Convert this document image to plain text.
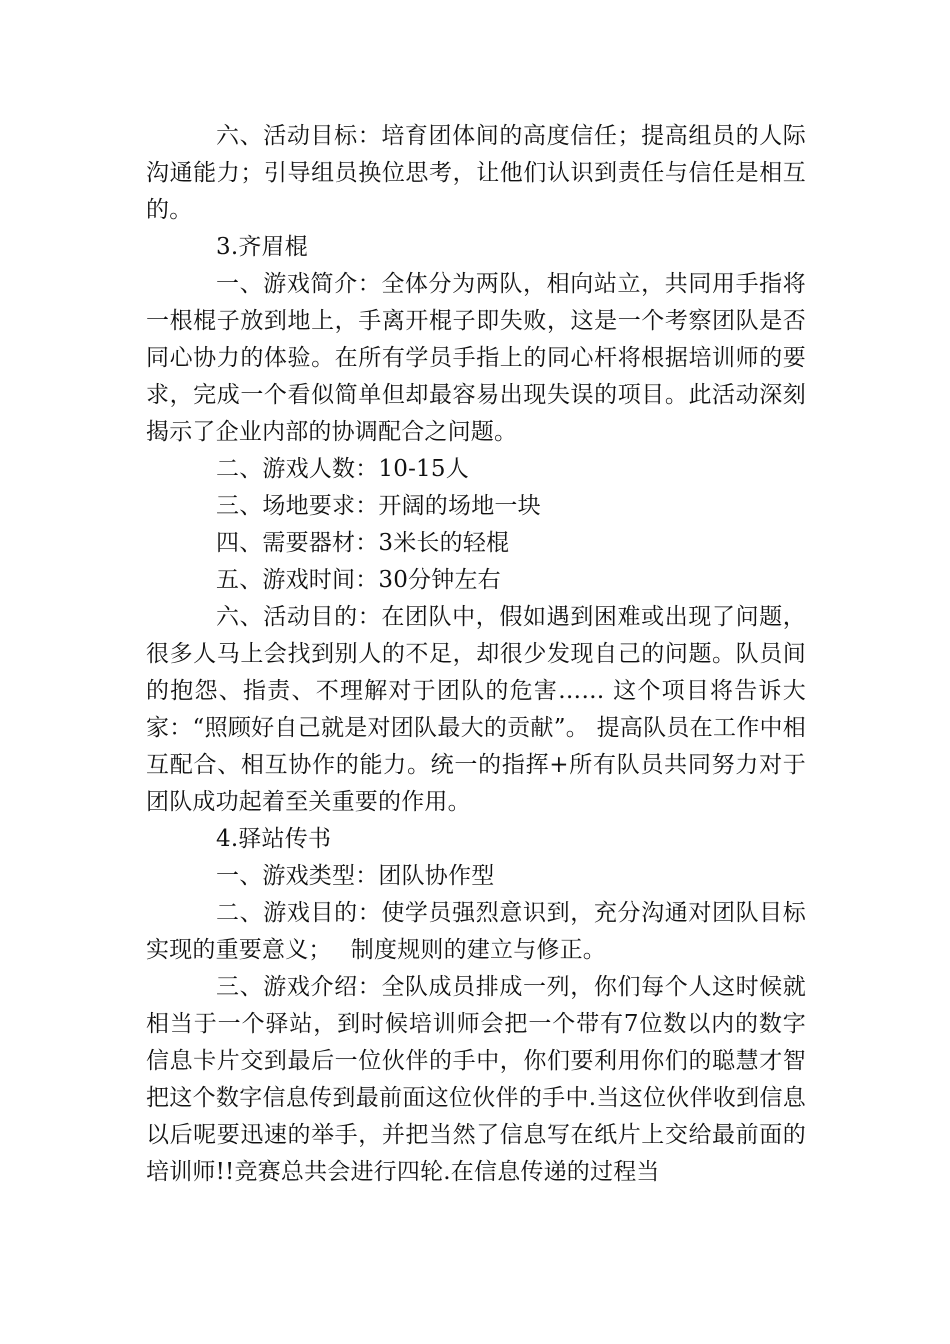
六、活动目标：培育团体间的高度信任；提高组员的人际沟通能力；引导组员换位思考，让他们认识到责任与信任是相互的。

3.齐眉棍

一、游戏简介：全体分为两队，相向站立，共同用手指将一根棍子放到地上，手离开棍子即失败，这是一个考察团队是否同心协力的体验。在所有学员手指上的同心杆将根据培训师的要求，完成一个看似简单但却最容易出现失误的项目。此活动深刻揭示了企业内部的协调配合之问题。

二、游戏人数：10-15人

三、场地要求：开阔的场地一块

四、需要器材：3米长的轻棍

五、游戏时间：30分钟左右

六、活动目的：在团队中，假如遇到困难或出现了问题，很多人马上会找到别人的不足，却很少发现自己的问题。队员间的抱怨、指责、不理解对于团队的危害…… 这个项目将告诉大家：“照顾好自己就是对团队最大的贡献”。 提高队员在工作中相互配合、相互协作的能力。统一的指挥+所有队员共同努力对于团队成功起着至关重要的作用。

4.驿站传书

一、游戏类型：团队协作型

二、游戏目的：使学员强烈意识到，充分沟通对团队目标实现的重要意义；　 制度规则的建立与修正。

三、游戏介绍：全队成员排成一列，你们每个人这时候就相当于一个驿站，到时候培训师会把一个带有7位数以内的数字信息卡片交到最后一位伙伴的手中，你们要利用你们的聪慧才智把这个数字信息传到最前面这位伙伴的手中.当这位伙伴收到信息以后呢要迅速的举手，并把当然了信息写在纸片上交给最前面的培训师!!竞赛总共会进行四轮.在信息传递的过程当
